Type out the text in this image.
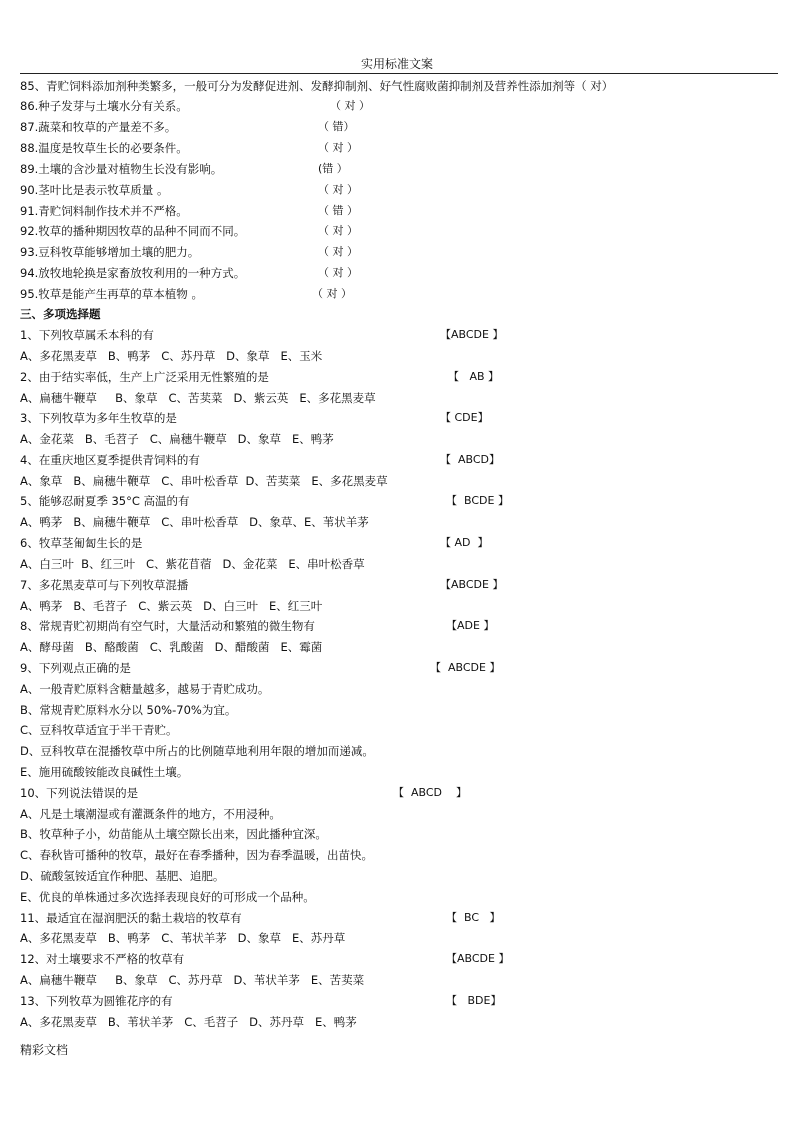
实用标准文案
85、青贮饲料添加剂种类繁多，一般可分为发酵促进剂、发酵抑制剂、好气性腐败菌抑制剂及营养性添加剂等（ 对）
86.种子发芽与土壤水分有关系。	（ 对 ）
87.蔬菜和牧草的产量差不多。	（ 错）
88.温度是牧草生长的必要条件。	（ 对 ）
89.土壤的含沙量对植物生长没有影响。	(错 ）
90.茎叶比是表示牧草质量 。	（ 对 ）
91.青贮饲料制作技术并不严格。	（ 错 ）
92.牧草的播种期因牧草的品种不同而不同。	（ 对 ）
93.豆科牧草能够增加土壤的肥力。	（ 对 ）
94.放牧地轮换是家畜放牧利用的一种方式。	（ 对 ）
95.牧草是能产生再草的草本植物 。	（ 对 ）
三、多项选择题
1、下列牧草属禾本科的有	【ABCDE 】
A、多花黑麦草   B、鸭茅   C、苏丹草   D、象草   E、玉米
2、由于结实率低，生产上广泛采用无性繁殖的是	【   AB 】
A、扁穗牛鞭草     B、象草   C、苦荬菜   D、紫云英   E、多花黑麦草
3、下列牧草为多年生牧草的是	【 CDE】
A、金花菜   B、毛苕子   C、扁穗牛鞭草   D、象草   E、鸭茅
4、在重庆地区夏季提供青饲料的有	【  ABCD】
A、象草   B、扁穗牛鞭草   C、串叶松香草  D、苦荬菜   E、多花黑麦草
5、能够忍耐夏季 35°C 高温的有	【  BCDE 】
A、鸭茅   B、扁穗牛鞭草   C、串叶松香草   D、象草、E、苇状羊茅
6、牧草茎匍匐生长的是	【 AD  】
A、白三叶  B、红三叶   C、紫花苜蓿   D、金花菜   E、串叶松香草
7、多花黑麦草可与下列牧草混播	【ABCDE 】
A、鸭茅   B、毛苕子   C、紫云英   D、白三叶   E、红三叶
8、常规青贮初期尚有空气时，大量活动和繁殖的微生物有	【ADE 】
A、酵母菌   B、酪酸菌   C、乳酸菌   D、醋酸菌   E、霉菌
9、下列观点正确的是	【  ABCDE 】
A、一般青贮原料含糖量越多，越易于青贮成功。
B、常规青贮原料水分以 50%-70%为宜。
C、豆科牧草适宜于半干青贮。
D、豆科牧草在混播牧草中所占的比例随草地利用年限的增加而递减。
E、施用硫酸铵能改良碱性土壤。
10、下列说法错误的是	【  ABCD    】
A、凡是土壤潮湿或有灌溉条件的地方，不用浸种。
B、牧草种子小，幼苗能从土壤空隙长出来，因此播种宜深。
C、春秋皆可播种的牧草，最好在春季播种，因为春季温暖，出苗快。
D、硫酸氢铵适宜作种肥、基肥、追肥。
E、优良的单株通过多次选择表现良好的可形成一个品种。
11、最适宜在湿润肥沃的黏土栽培的牧草有	【  BC   】
A、多花黑麦草   B、鸭茅   C、苇状羊茅   D、象草   E、苏丹草
12、对土壤要求不严格的牧草有	【ABCDE 】
A、扁穗牛鞭草     B、象草   C、苏丹草   D、苇状羊茅   E、苦荬菜
13、下列牧草为圆锥花序的有	【   BDE】
A、多花黑麦草   B、苇状羊茅   C、毛苕子   D、苏丹草   E、鸭茅
精彩文档
